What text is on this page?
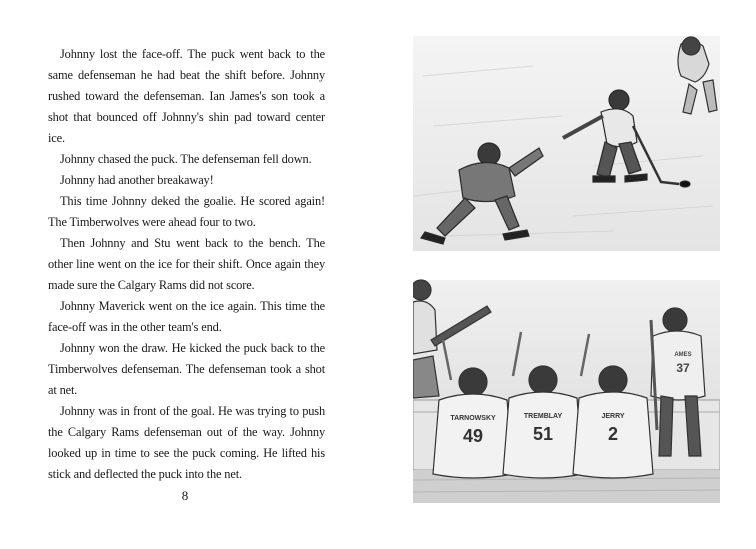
Johnny lost the face-off. The puck went back to the same defenseman he had beat the shift before. Johnny rushed toward the defenseman. Ian James's son took a shot that bounced off Johnny's shin pad toward center ice.

Johnny chased the puck. The defenseman fell down.

Johnny had another breakaway!

This time Johnny deked the goalie. He scored again! The Timberwolves were ahead four to two.

Then Johnny and Stu went back to the bench. The other line went on the ice for their shift. Once again they made sure the Calgary Rams did not score.

Johnny Maverick went on the ice again. This time the face-off was in the other team's end.

Johnny won the draw. He kicked the puck back to the Timberwolves defenseman. The defenseman took a shot at net.

Johnny was in front of the goal. He was trying to push the Calgary Rams defenseman out of the way. Johnny looked up in time to see the puck coming. He lifted his stick and deflected the puck into the net.

8
TARNOWSKY
49
TREMBLAY
51
JERRY
2
AMES
37
